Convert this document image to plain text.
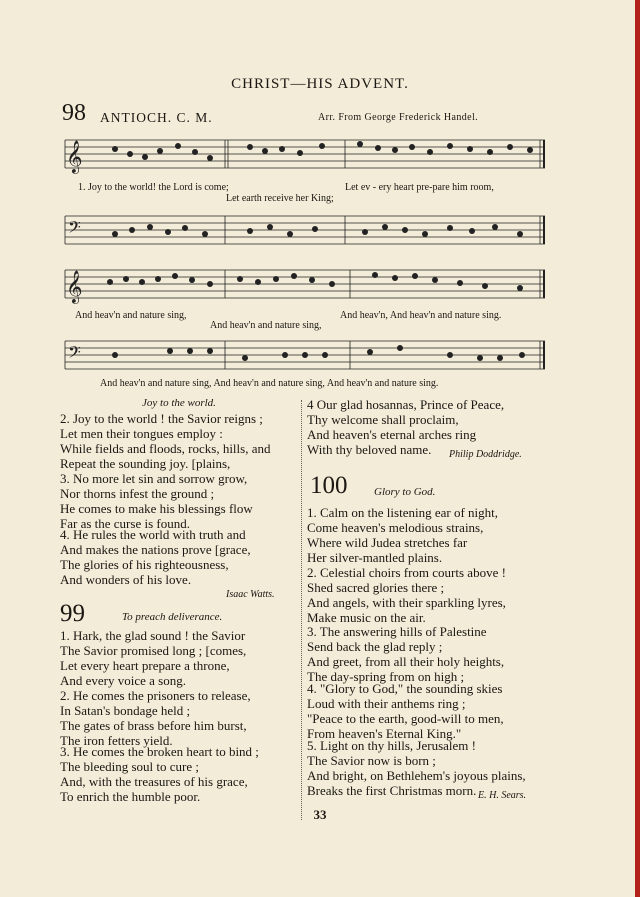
CHRIST—HIS ADVENT.
98 ANTIOCH. C. M.	Arr. From George Frederick Handel.
𝄞
1. Joy to the world! the Lord is come;	Let ev - ery heart pre-pare him room,
Let earth receive her King;
𝄢
𝄞
And heav'n and nature sing,	And heav'n, And heav'n and nature sing.
And heav'n and nature sing,
𝄢
And heav'n and nature sing, And heav'n and nature sing, And heav'n and nature sing.
Joy to the world.
2. Joy to the world ! the Savior reigns ;
Let men their tongues employ :
While fields and floods, rocks, hills, and
Repeat the sounding joy. [plains,
3. No more let sin and sorrow grow,
Nor thorns infest the ground ;
He comes to make his blessings flow
Far as the curse is found.
4. He rules the world with truth and
And makes the nations prove [grace,
The glories of his righteousness,
And wonders of his love.
Isaac Watts.
99	To preach deliverance.
1. Hark, the glad sound ! the Savior
The Savior promised long ; [comes,
Let every heart prepare a throne,
And every voice a song.
2. He comes the prisoners to release,
In Satan's bondage held ;
The gates of brass before him burst,
The iron fetters yield.
3. He comes the broken heart to bind ;
The bleeding soul to cure ;
And, with the treasures of his grace,
To enrich the humble poor.
4 Our glad hosannas, Prince of Peace,
Thy welcome shall proclaim,
And heaven's eternal arches ring
With thy beloved name.	Philip Doddridge.
100 Glory to God.
1. Calm on the listening ear of night,
Come heaven's melodious strains,
Where wild Judea stretches far
Her silver-mantled plains.
2. Celestial choirs from courts above !
Shed sacred glories there ;
And angels, with their sparkling lyres,
Make music on the air.
3. The answering hills of Palestine
Send back the glad reply ;
And greet, from all their holy heights,
The day-spring from on high ;
4. "Glory to God," the sounding skies
Loud with their anthems ring ;
"Peace to the earth, good-will to men,
From heaven's Eternal King."
5. Light on thy hills, Jerusalem !
The Savior now is born ;
And bright, on Bethlehem's joyous plains,
Breaks the first Christmas morn. E. H. Sears.
33
